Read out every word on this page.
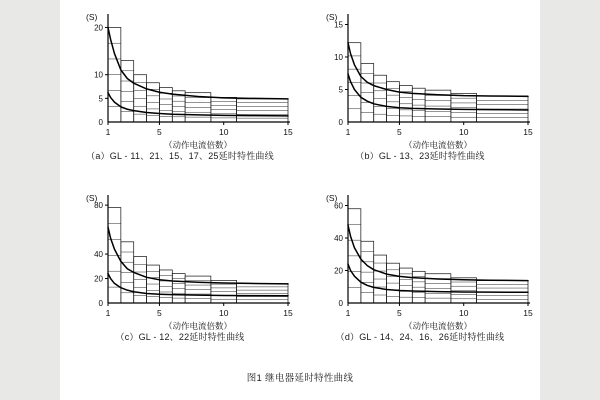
5
10
20
0
(S)
1	5	10	15
（动作电流倍数）
（a）GL - 11、21、15、17、25延时特性曲线
5
10
15
0
(S)
1	5	10	15
（动作电流倍数）
（b）GL - 13、23延时特性曲线
20
40
80
0
(S)
1	5	10	15
（动作电流倍数）
（c）GL - 12、22延时特性曲线
20
40
60
0
(S)
1	5	10	15
（动作电流倍数）
（d）GL - 14、24、16、26延时特性曲线
图1 继电器延时特性曲线
